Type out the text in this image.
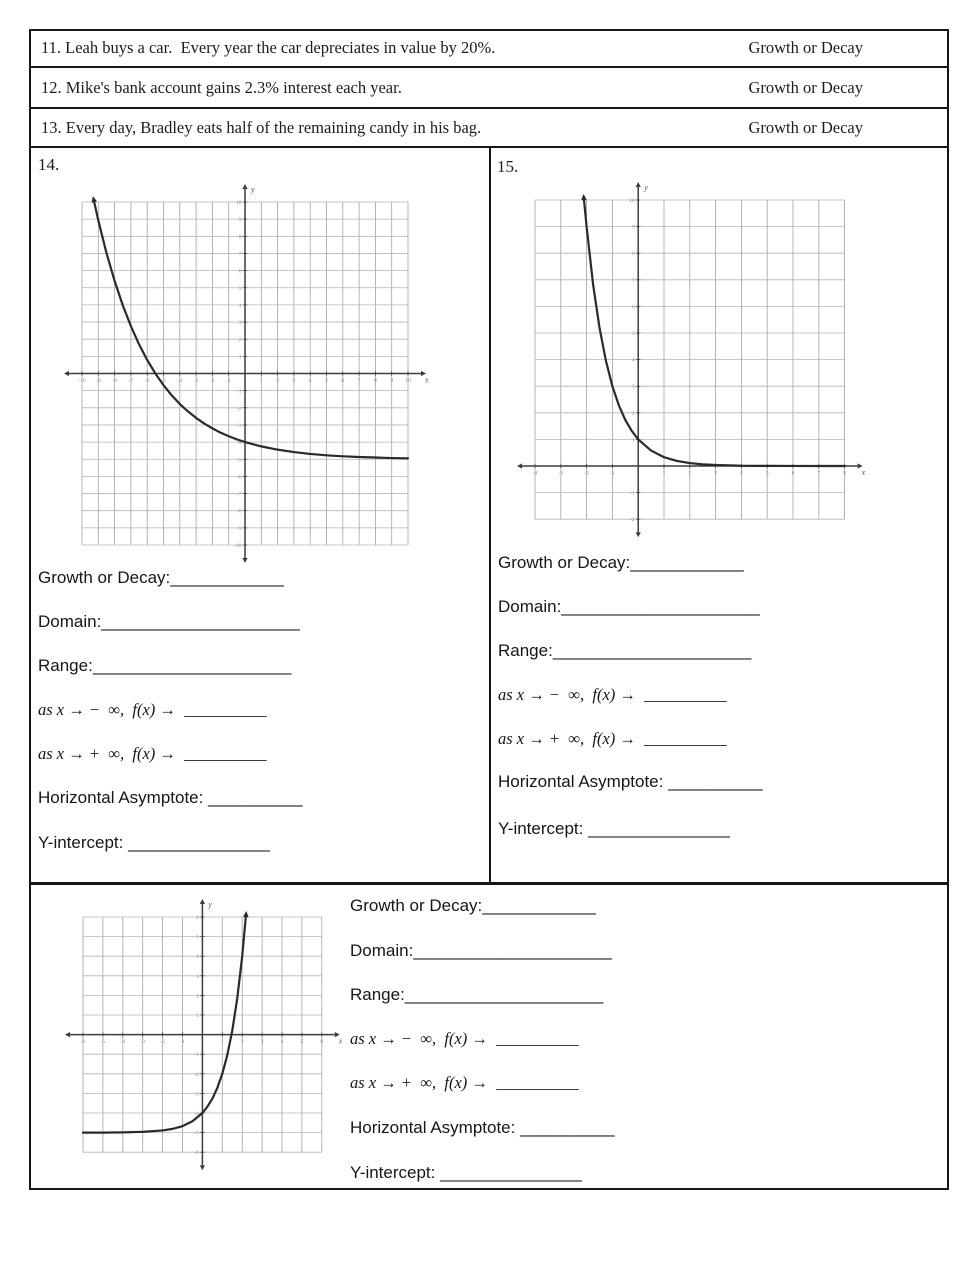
11. Leah buys a car.  Every year the car depreciates in value by 20%.	Growth or Decay
12. Mike's bank account gains 2.3% interest each year.	Growth or Decay
13. Every day, Bradley eats half of the remaining candy in his bag.	Growth or Decay
14.	15.
-10 -9 -8 -7 -6 -5 -4 -3 -2 -1	1 2 3 4 5 6 7 8 9 10
-10
-9
-8
-7
-6
-5
-4
-3
-2
-1
1
2
3
4
5
6
7
8
9
10
x
y
-4	-3	-2	-1	1	2	3	4	5	6	7	8
-2
-1
1
2
3
4
5
6
7
8
9
10
x
y
-6	-5	-4	-3	-2	-1	1	2	3	4	5	6
-6
-5
-4
-3
-2
-1
1
2
3
4
5
6
x
y
Growth or Decay:____________
Domain:_____________________
Range:_____________________
as x → −  ∞,  f(x) →  __________
as x → +  ∞,  f(x) →  __________
Horizontal Asymptote: __________
Y-intercept: _______________
Growth or Decay:____________
Domain:_____________________
Range:_____________________
as x → −  ∞,  f(x) →  __________
as x → +  ∞,  f(x) →  __________
Horizontal Asymptote: __________
Y-intercept: _______________
Growth or Decay:____________
Domain:_____________________
Range:_____________________
as x → −  ∞,  f(x) →  __________
as x → +  ∞,  f(x) →  __________
Horizontal Asymptote: __________
Y-intercept: _______________
